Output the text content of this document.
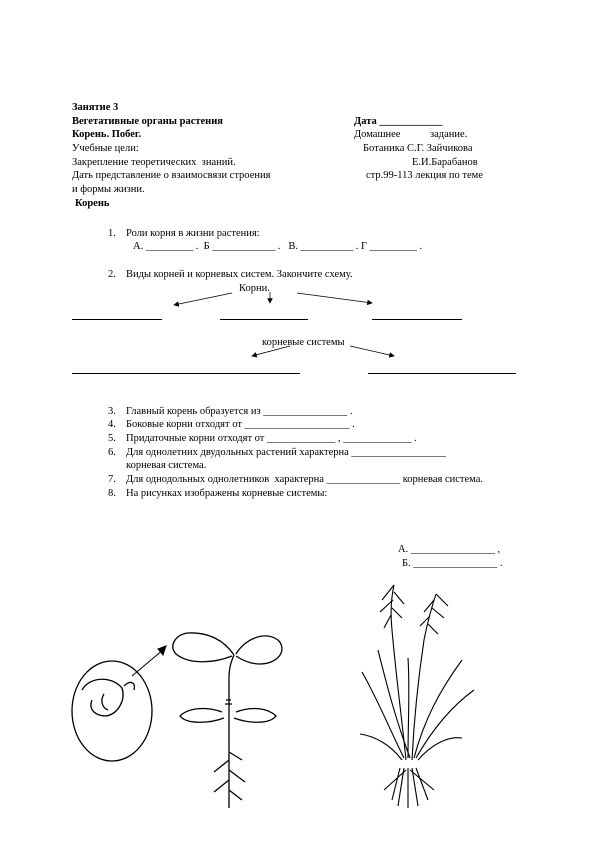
Занятие 3
Вегетативные органы растения	Дата ____________
Корень. Побег.	Домашнее	задание.
Учебные цели:	Ботаника С.Г. Зайчикова
Закрепление теоретических  знаний.	Е.И.Барабанов
Дать представление о взаимосвязи строения	стр.99-113 лекция по теме
и формы жизни.
Корень
1. Роли корня в жизни растения:
А. _________ .  Б ____________ .   В. __________ . Г _________ .
2. Виды корней и корневых систем. Закончите схему.
Корни.
корневые системы
3. Главный корень образуется из ________________ .
4. Боковые корни отходят от ____________________ .
5. Придаточные корни отходят от _____________ , _____________ .
6. Для однолетних двудольных растений характерна __________________
корневая система.
7. Для однодольных однолетников  характерна ______________ корневая система.
8. На рисунках изображены корневые системы:
А. ________________ ,
Б. ________________ .
